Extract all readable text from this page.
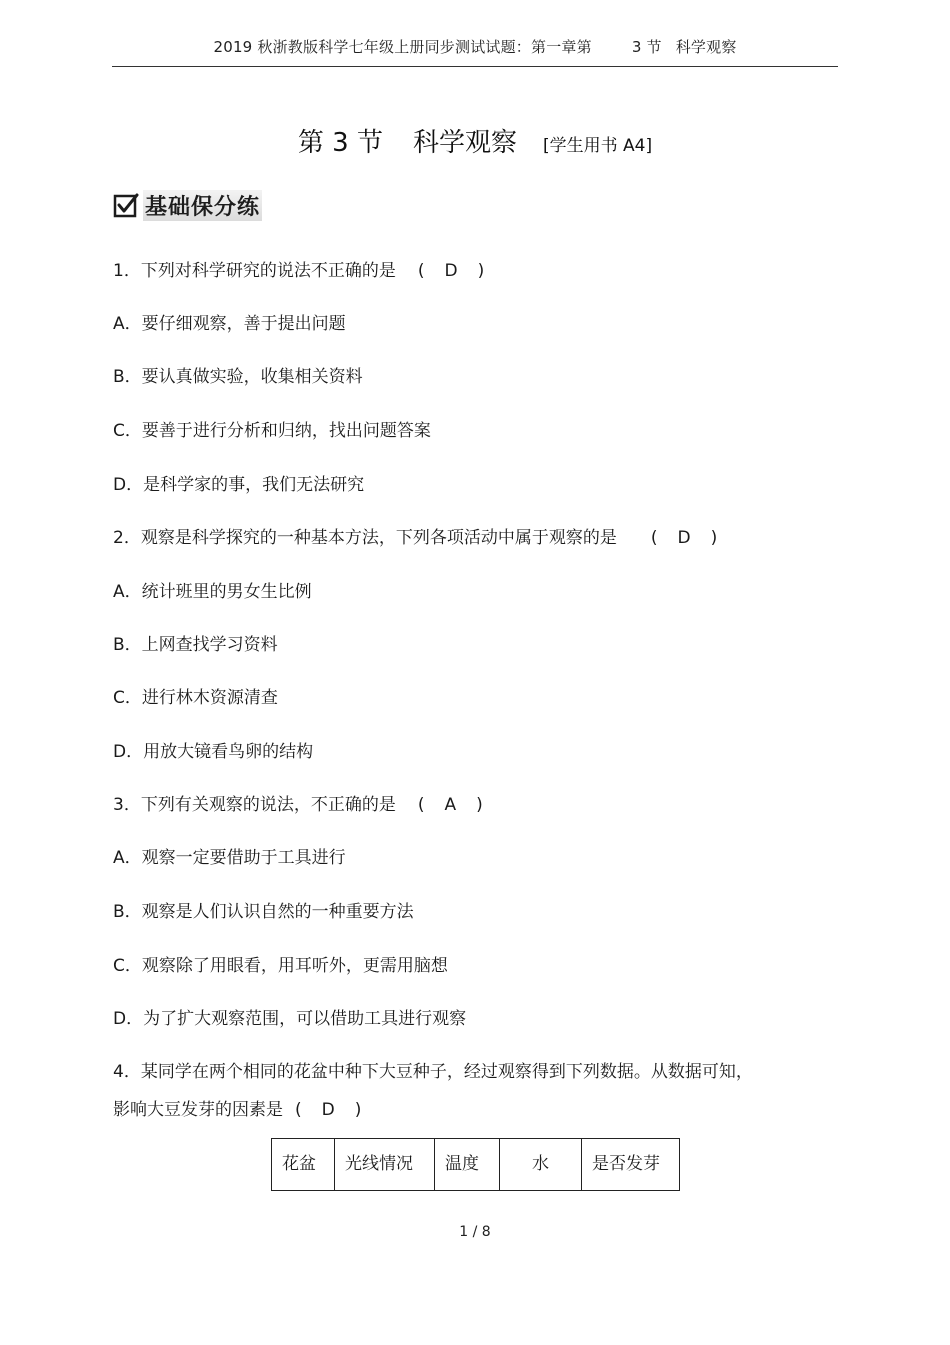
2019 秋浙教版科学七年级上册同步测试试题：第一章第	3 节 科学观察
第 3 节 科学观察 [学生用书 A4]
基础保分练
1．下列对科学研究的说法不正确的是 ( D )
A．要仔细观察，善于提出问题
B．要认真做实验，收集相关资料
C．要善于进行分析和归纳，找出问题答案
D．是科学家的事，我们无法研究
2．观察是科学探究的一种基本方法，下列各项活动中属于观察的是 ( D )
A．统计班里的男女生比例
B．上网查找学习资料
C．进行林木资源清查
D．用放大镜看鸟卵的结构
3．下列有关观察的说法，不正确的是 ( A )
A．观察一定要借助于工具进行
B．观察是人们认识自然的一种重要方法
C．观察除了用眼看，用耳听外，更需用脑想
D．为了扩大观察范围，可以借助工具进行观察
4．某同学在两个相同的花盆中种下大豆种子，经过观察得到下列数据。从数据可知，
影响大豆发芽的因素是 ( D )
花盆	光线情况	温度	水	是否发芽
1 / 8
